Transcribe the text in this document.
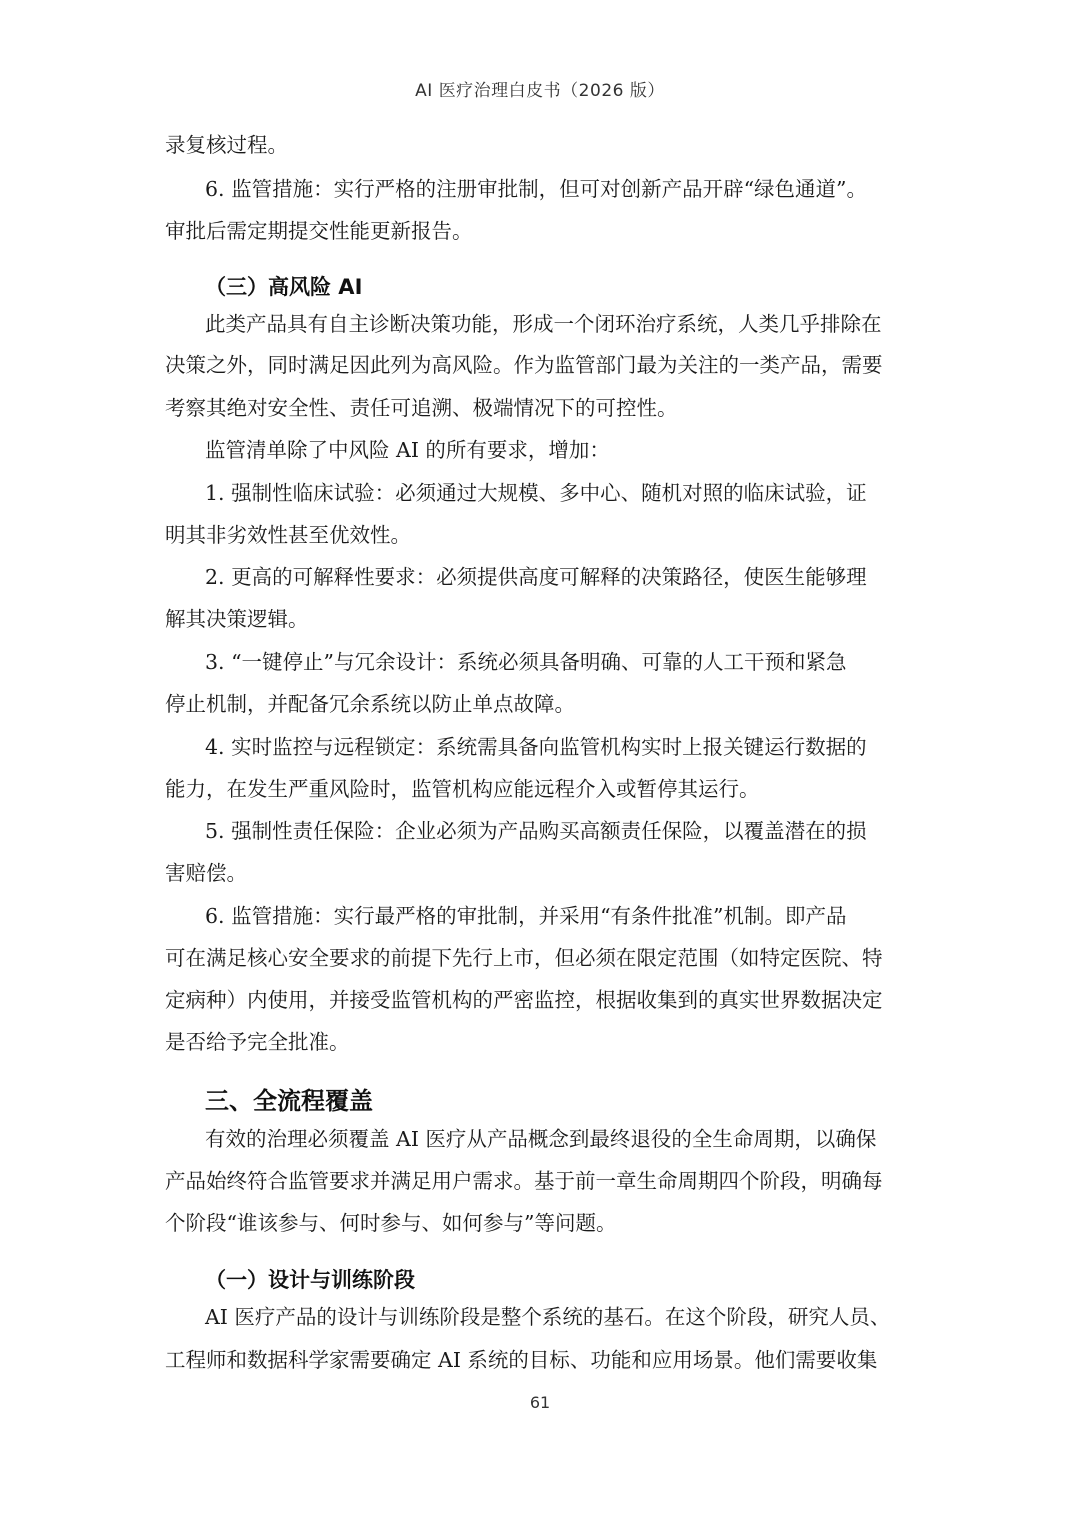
AI 医疗治理白皮书（2026 版）
录复核过程。
6. 监管措施：实行严格的注册审批制，但可对创新产品开辟“绿色通道”。
审批后需定期提交性能更新报告。
（三）高风险 AI
此类产品具有自主诊断决策功能，形成一个闭环治疗系统，人类几乎排除在
决策之外，同时满足因此列为高风险。作为监管部门最为关注的一类产品，需要
考察其绝对安全性、责任可追溯、极端情况下的可控性。
监管清单除了中风险 AI 的所有要求，增加：
1. 强制性临床试验：必须通过大规模、多中心、随机对照的临床试验，证
明其非劣效性甚至优效性。
2. 更高的可解释性要求：必须提供高度可解释的决策路径，使医生能够理
解其决策逻辑。
3. “一键停止”与冗余设计：系统必须具备明确、可靠的人工干预和紧急
停止机制，并配备冗余系统以防止单点故障。
4. 实时监控与远程锁定：系统需具备向监管机构实时上报关键运行数据的
能力，在发生严重风险时，监管机构应能远程介入或暂停其运行。
5. 强制性责任保险：企业必须为产品购买高额责任保险，以覆盖潜在的损
害赔偿。
6. 监管措施：实行最严格的审批制，并采用“有条件批准”机制。即产品
可在满足核心安全要求的前提下先行上市，但必须在限定范围（如特定医院、特
定病种）内使用，并接受监管机构的严密监控，根据收集到的真实世界数据决定
是否给予完全批准。
三、全流程覆盖
有效的治理必须覆盖 AI 医疗从产品概念到最终退役的全生命周期，以确保
产品始终符合监管要求并满足用户需求。基于前一章生命周期四个阶段，明确每
个阶段“谁该参与、何时参与、如何参与”等问题。
（一）设计与训练阶段
AI 医疗产品的设计与训练阶段是整个系统的基石。在这个阶段，研究人员、
工程师和数据科学家需要确定 AI 系统的目标、功能和应用场景。他们需要收集
61
